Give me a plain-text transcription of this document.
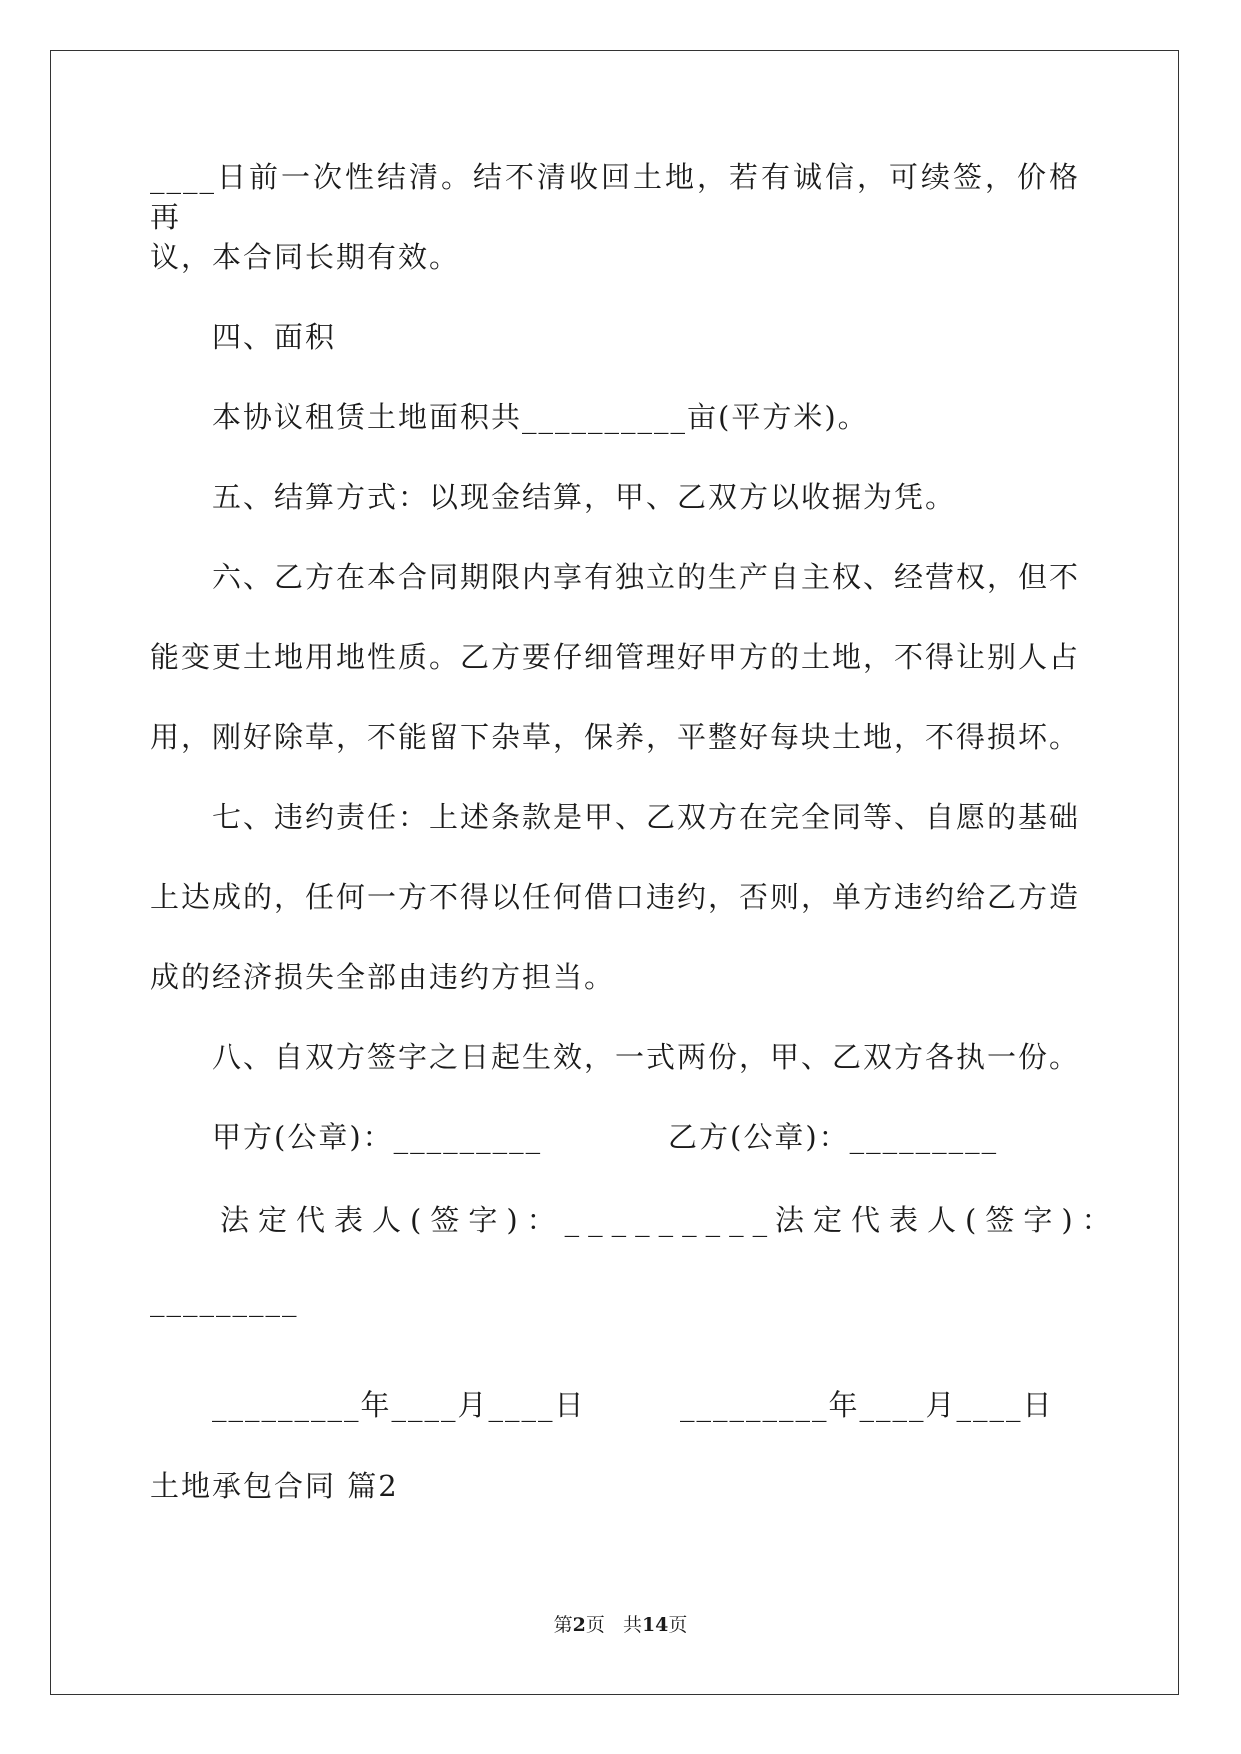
____日前一次性结清。结不清收回土地，若有诚信，可续签，价格再
议，本合同长期有效。
四、面积
本协议租赁土地面积共__________亩(平方米)。
五、结算方式：以现金结算，甲、乙双方以收据为凭。
六、乙方在本合同期限内享有独立的生产自主权、经营权，但不
能变更土地用地性质。乙方要仔细管理好甲方的土地，不得让别人占
用，刚好除草，不能留下杂草，保养，平整好每块土地，不得损坏。
七、违约责任：上述条款是甲、乙双方在完全同等、自愿的基础
上达成的，任何一方不得以任何借口违约，否则，单方违约给乙方造
成的经济损失全部由违约方担当。
八、自双方签字之日起生效，一式两份，甲、乙双方各执一份。
甲方(公章)：_________	乙方(公章)：_________
法定代表人(签字)：_________
法定代表人(签字)：
_________
_________年____月____日	_________年____月____日
土地承包合同 篇2
第2页   共14页
